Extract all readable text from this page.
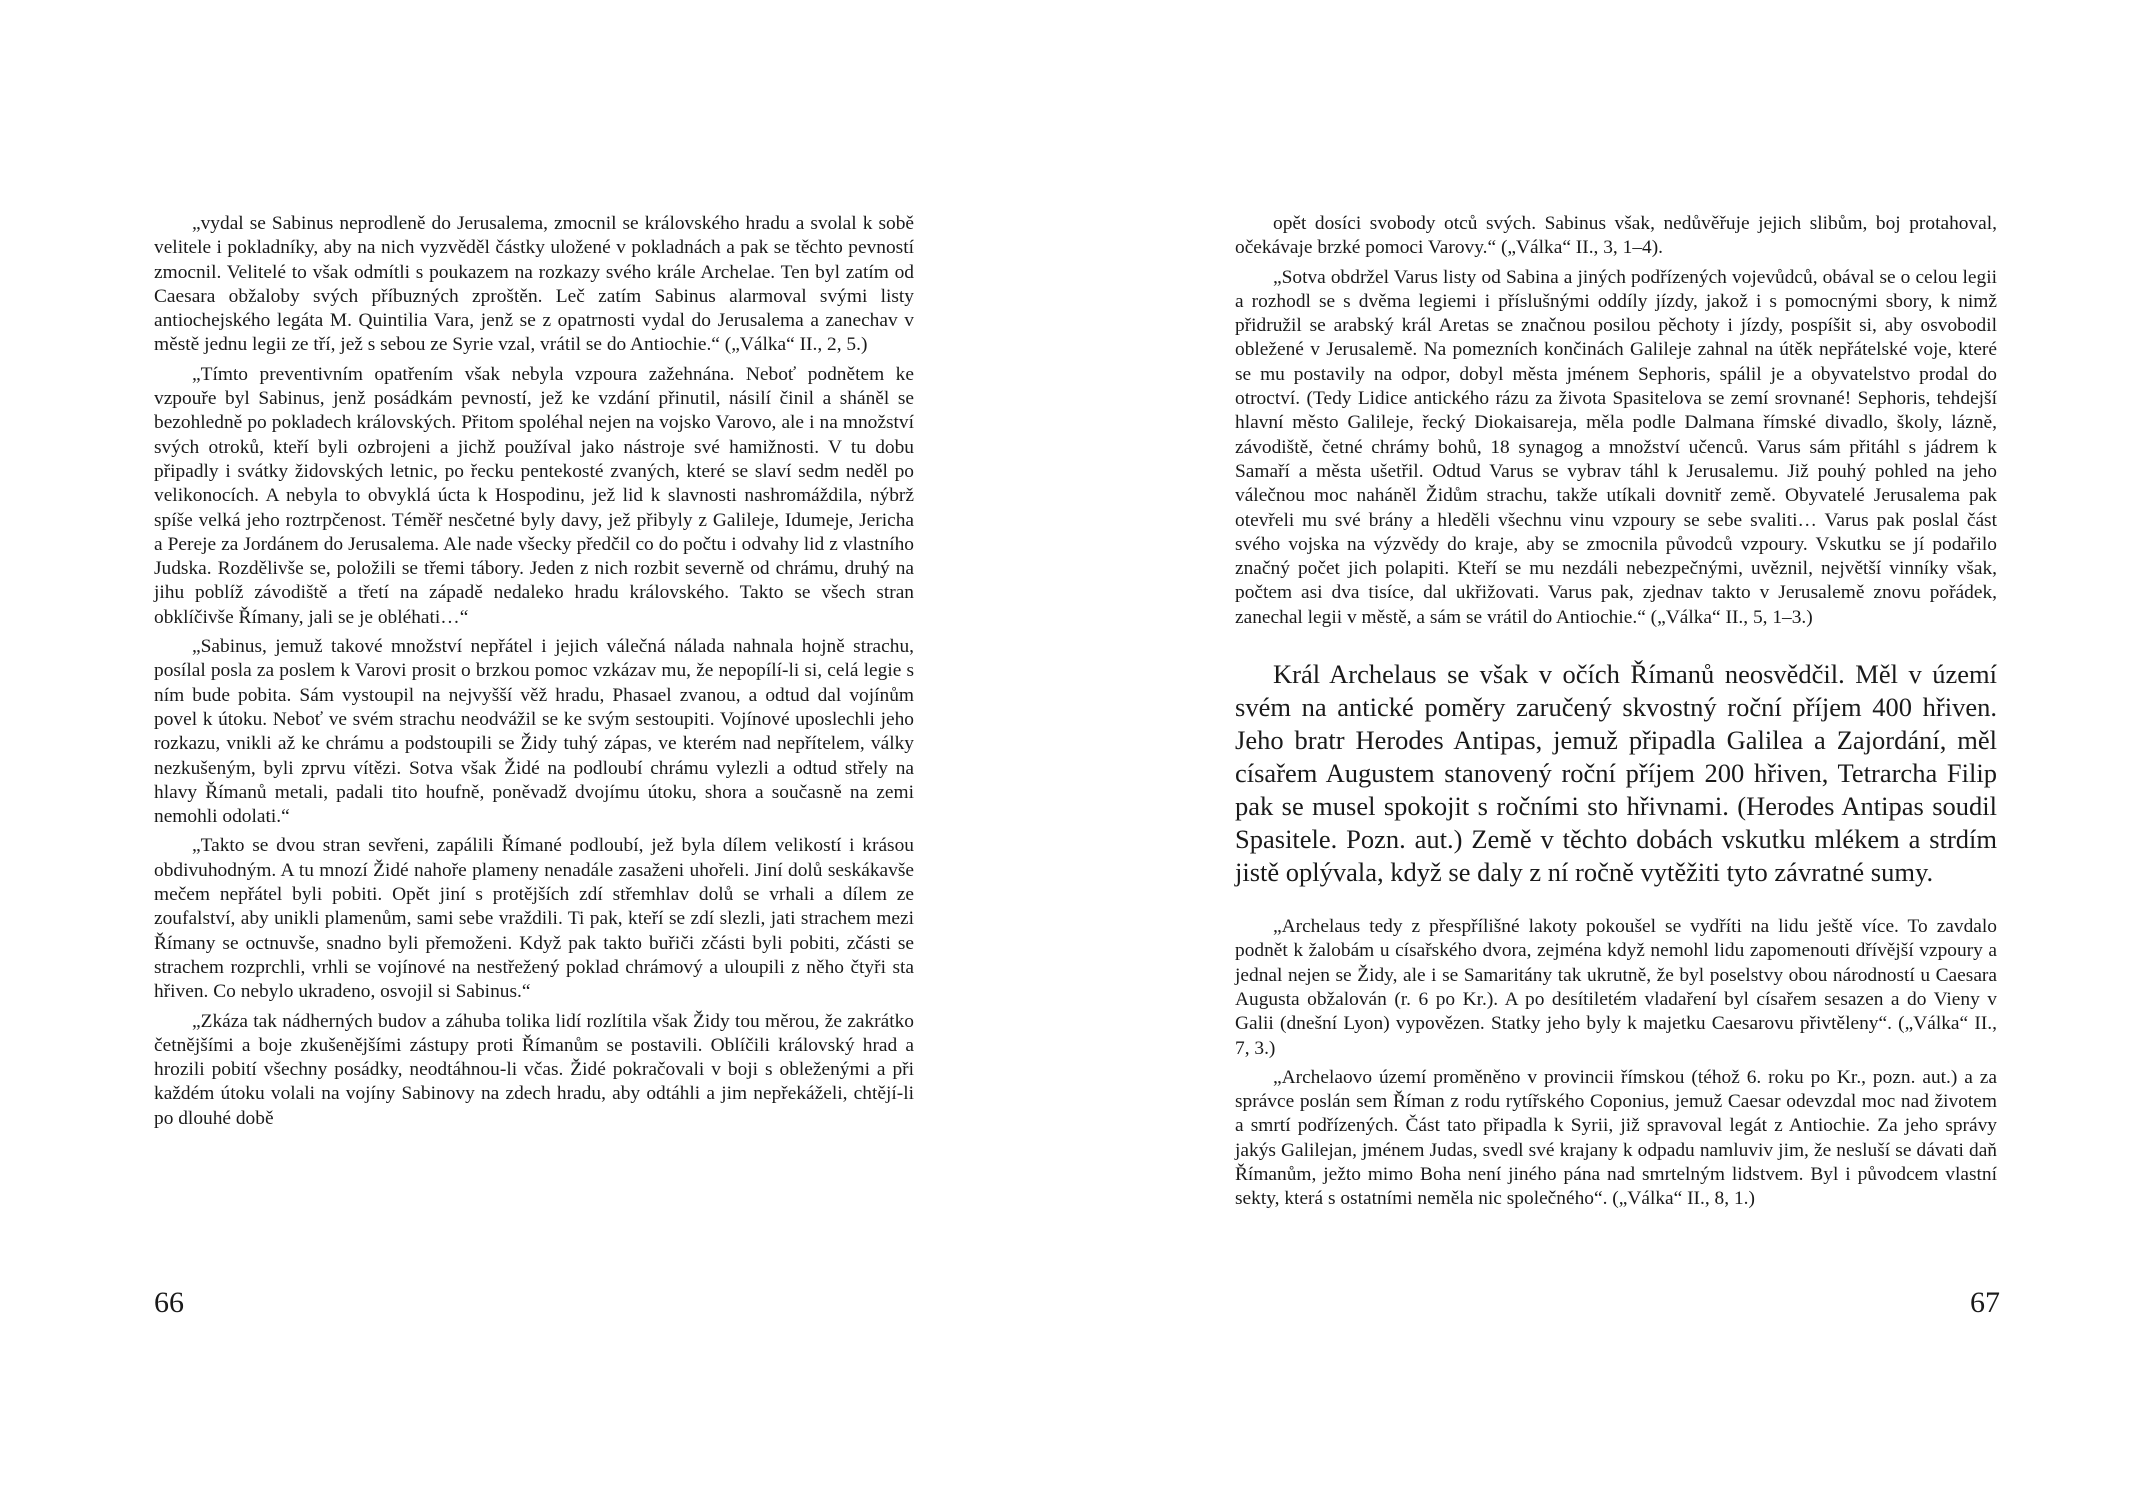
„vydal se Sabinus neprodleně do Jerusalema, zmocnil se královského hradu a svolal k sobě velitele i pokladníky, aby na nich vyzvěděl částky uložené v pokladnách a pak se těchto pevností zmocnil. Velitelé to však odmítli s poukazem na rozkazy svého krále Archelae. Ten byl zatím od Caesara obžaloby svých příbuzných zproštěn. Leč zatím Sabinus alarmoval svými listy antiochejského legáta M. Quintilia Vara, jenž se z opatrnosti vydal do Jerusalema a zanechav v městě jednu legii ze tří, jež s sebou ze Syrie vzal, vrátil se do Antiochie.“ („Válka“ II., 2, 5.)

„Tímto preventivním opatřením však nebyla vzpoura zažehnána. Neboť podnětem ke vzpouře byl Sabinus, jenž posádkám pevností, jež ke vzdání přinutil, násilí činil a sháněl se bezohledně po pokladech královských. Přitom spoléhal nejen na vojsko Varovo, ale i na množství svých otroků, kteří byli ozbrojeni a jichž používal jako nástroje své hamižnosti. V tu dobu připadly i svátky židovských letnic, po řecku pentekosté zvaných, které se slaví sedm neděl po velikonocích. A nebyla to obvyklá úcta k Hospodinu, jež lid k slavnosti nashromáždila, nýbrž spíše velká jeho roztrpčenost. Téměř nesčetné byly davy, jež přibyly z Galileje, Idumeje, Jericha a Pereje za Jordánem do Jerusalema. Ale nade všecky předčil co do počtu i odvahy lid z vlastního Judska. Rozdělivše se, položili se třemi tábory. Jeden z nich rozbit severně od chrámu, druhý na jihu poblíž závodiště a třetí na západě nedaleko hradu královského. Takto se všech stran obklíčivše Římany, jali se je obléhati…“

„Sabinus, jemuž takové množství nepřátel i jejich válečná nálada nahnala hojně strachu, posílal posla za poslem k Varovi prosit o brzkou pomoc vzkázav mu, že nepopílí-li si, celá legie s ním bude pobita. Sám vystoupil na nejvyšší věž hradu, Phasael zvanou, a odtud dal vojínům povel k útoku. Neboť ve svém strachu neodvážil se ke svým sestoupiti. Vojínové uposlechli jeho rozkazu, vnikli až ke chrámu a podstoupili se Židy tuhý zápas, ve kterém nad nepřítelem, války nezkušeným, byli zprvu vítězi. Sotva však Židé na podloubí chrámu vylezli a odtud střely na hlavy Římanů metali, padali tito houfně, poněvadž dvojímu útoku, shora a současně na zemi nemohli odolati.“

„Takto se dvou stran sevřeni, zapálili Římané podloubí, jež byla dílem velikostí i krásou obdivuhodným. A tu mnozí Židé nahoře plameny nenadále zasaženi uhořeli. Jiní dolů seskákavše mečem nepřátel byli pobiti. Opět jiní s protějších zdí střemhlav dolů se vrhali a dílem ze zoufalství, aby unikli plamenům, sami sebe vraždili. Ti pak, kteří se zdí slezli, jati strachem mezi Římany se octnuvše, snadno byli přemoženi. Když pak takto buřiči zčásti byli pobiti, zčásti se strachem rozprchli, vrhli se vojínové na nestřežený poklad chrámový a uloupili z něho čtyři sta hřiven. Co nebylo ukradeno, osvojil si Sabinus.“

„Zkáza tak nádherných budov a záhuba tolika lidí rozlítila však Židy tou měrou, že zakrátko četnějšími a boje zkušenějšími zástupy proti Římanům se postavili. Oblíčili královský hrad a hrozili pobití všechny posádky, neodtáhnou-li včas. Židé pokračovali v boji s obleženými a při každém útoku volali na vojíny Sabinovy na zdech hradu, aby odtáhli a jim nepřekáželi, chtějí-li po dlouhé době

66

opět dosíci svobody otců svých. Sabinus však, nedůvěřuje jejich slibům, boj protahoval, očekávaje brzké pomoci Varovy.“ („Válka“ II., 3, 1–4).

„Sotva obdržel Varus listy od Sabina a jiných podřízených vojevůdců, obával se o celou legii a rozhodl se s dvěma legiemi i příslušnými oddíly jízdy, jakož i s pomocnými sbory, k nimž přidružil se arabský král Aretas se značnou posilou pěchoty i jízdy, pospíšit si, aby osvobodil obležené v Jerusalemě. Na pomezních končinách Galileje zahnal na útěk nepřátelské voje, které se mu postavily na odpor, dobyl města jménem Sephoris, spálil je a obyvatelstvo prodal do otroctví. (Tedy Lidice antického rázu za života Spasitelova se zemí srovnané! Sephoris, tehdejší hlavní město Galileje, řecký Diokaisareja, měla podle Dalmana římské divadlo, školy, lázně, závodiště, četné chrámy bohů, 18 synagog a množství učenců. Varus sám přitáhl s jádrem k Samaří a města ušetřil. Odtud Varus se vybrav táhl k Jerusalemu. Již pouhý pohled na jeho válečnou moc naháněl Židům strachu, takže utíkali dovnitř země. Obyvatelé Jerusalema pak otevřeli mu své brány a hleděli všechnu vinu vzpoury se sebe svaliti… Varus pak poslal část svého vojska na výzvědy do kraje, aby se zmocnila původců vzpoury. Vskutku se jí podařilo značný počet jich polapiti. Kteří se mu nezdáli nebezpečnými, uvěznil, největší vinníky však, počtem asi dva tisíce, dal ukřižovati. Varus pak, zjednav takto v Jerusalemě znovu pořádek, zanechal legii v městě, a sám se vrátil do Antiochie.“ („Válka“ II., 5, 1–3.)

Král Archelaus se však v očích Římanů neosvědčil. Měl v území svém na antické poměry zaručený skvostný roční příjem 400 hřiven. Jeho bratr Herodes Antipas, jemuž připadla Galilea a Zajordání, měl císařem Augustem stanovený roční příjem 200 hřiven, Tetrarcha Filip pak se musel spokojit s ročními sto hřivnami. (Herodes Antipas soudil Spasitele. Pozn. aut.) Země v těchto dobách vskutku mlékem a strdím jistě oplývala, když se daly z ní ročně vytěžiti tyto závratné sumy.

„Archelaus tedy z přespřílišné lakoty pokoušel se vydříti na lidu ještě více. To zavdalo podnět k žalobám u císařského dvora, zejména když nemohl lidu zapomenouti dřívější vzpoury a jednal nejen se Židy, ale i se Samaritány tak ukrutně, že byl poselstvy obou národností u Caesara Augusta obžalován (r. 6 po Kr.). A po desítiletém vladaření byl císařem sesazen a do Vieny v Galii (dnešní Lyon) vypovězen. Statky jeho byly k majetku Caesarovu přivtěleny“. („Válka“ II., 7, 3.)

„Archelaovo území proměněno v provincii římskou (téhož 6. roku po Kr., pozn. aut.) a za správce poslán sem Říman z rodu rytířského Coponius, jemuž Caesar odevzdal moc nad životem a smrtí podřízených. Část tato připadla k Syrii, již spravoval legát z Antiochie. Za jeho správy jakýs Galilejan, jménem Judas, svedl své krajany k odpadu namluviv jim, že nesluší se dávati daň Římanům, ježto mimo Boha není jiného pána nad smrtelným lidstvem. Byl i původcem vlastní sekty, která s ostatními neměla nic společného“. („Válka“ II., 8, 1.)

67
